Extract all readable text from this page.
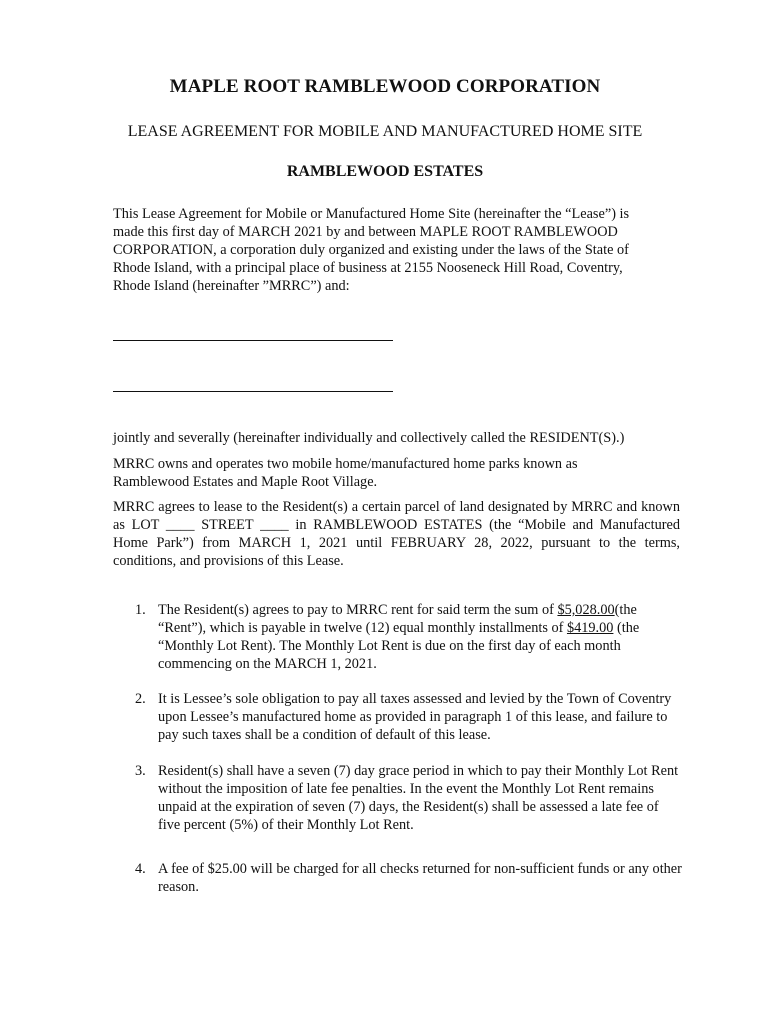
MAPLE ROOT RAMBLEWOOD CORPORATION
LEASE AGREEMENT FOR MOBILE AND MANUFACTURED HOME SITE
RAMBLEWOOD ESTATES

This Lease Agreement for Mobile or Manufactured Home Site (hereinafter the “Lease”) is made this first day of MARCH 2021 by and between MAPLE ROOT RAMBLEWOOD CORPORATION, a corporation duly organized and existing under the laws of the State of Rhode Island, with a principal place of business at 2155 Nooseneck Hill Road, Coventry, Rhode Island (hereinafter ”MRRC”) and:

jointly and severally (hereinafter individually and collectively called the RESIDENT(S).)

MRRC owns and operates two mobile home/manufactured home parks known as Ramblewood Estates and Maple Root Village.

MRRC agrees to lease to the Resident(s) a certain parcel of land designated by MRRC and known as LOT ____ STREET ____ in RAMBLEWOOD ESTATES (the “Mobile and Manufactured Home Park”) from MARCH 1, 2021 until FEBRUARY 28, 2022, pursuant to the terms, conditions, and provisions of this Lease.

1. The Resident(s) agrees to pay to MRRC rent for said term the sum of $5,028.00(the “Rent”), which is payable in twelve (12) equal monthly installments of $419.00 (the “Monthly Lot Rent). The Monthly Lot Rent is due on the first day of each month commencing on the MARCH 1, 2021.
2. It is Lessee’s sole obligation to pay all taxes assessed and levied by the Town of Coventry upon Lessee’s manufactured home as provided in paragraph 1 of this lease, and failure to pay such taxes shall be a condition of default of this lease.
3. Resident(s) shall have a seven (7) day grace period in which to pay their Monthly Lot Rent without the imposition of late fee penalties. In the event the Monthly Lot Rent remains unpaid at the expiration of seven (7) days, the Resident(s) shall be assessed a late fee of five percent (5%) of their Monthly Lot Rent.
4. A fee of $25.00 will be charged for all checks returned for non-sufficient funds or any other reason.
